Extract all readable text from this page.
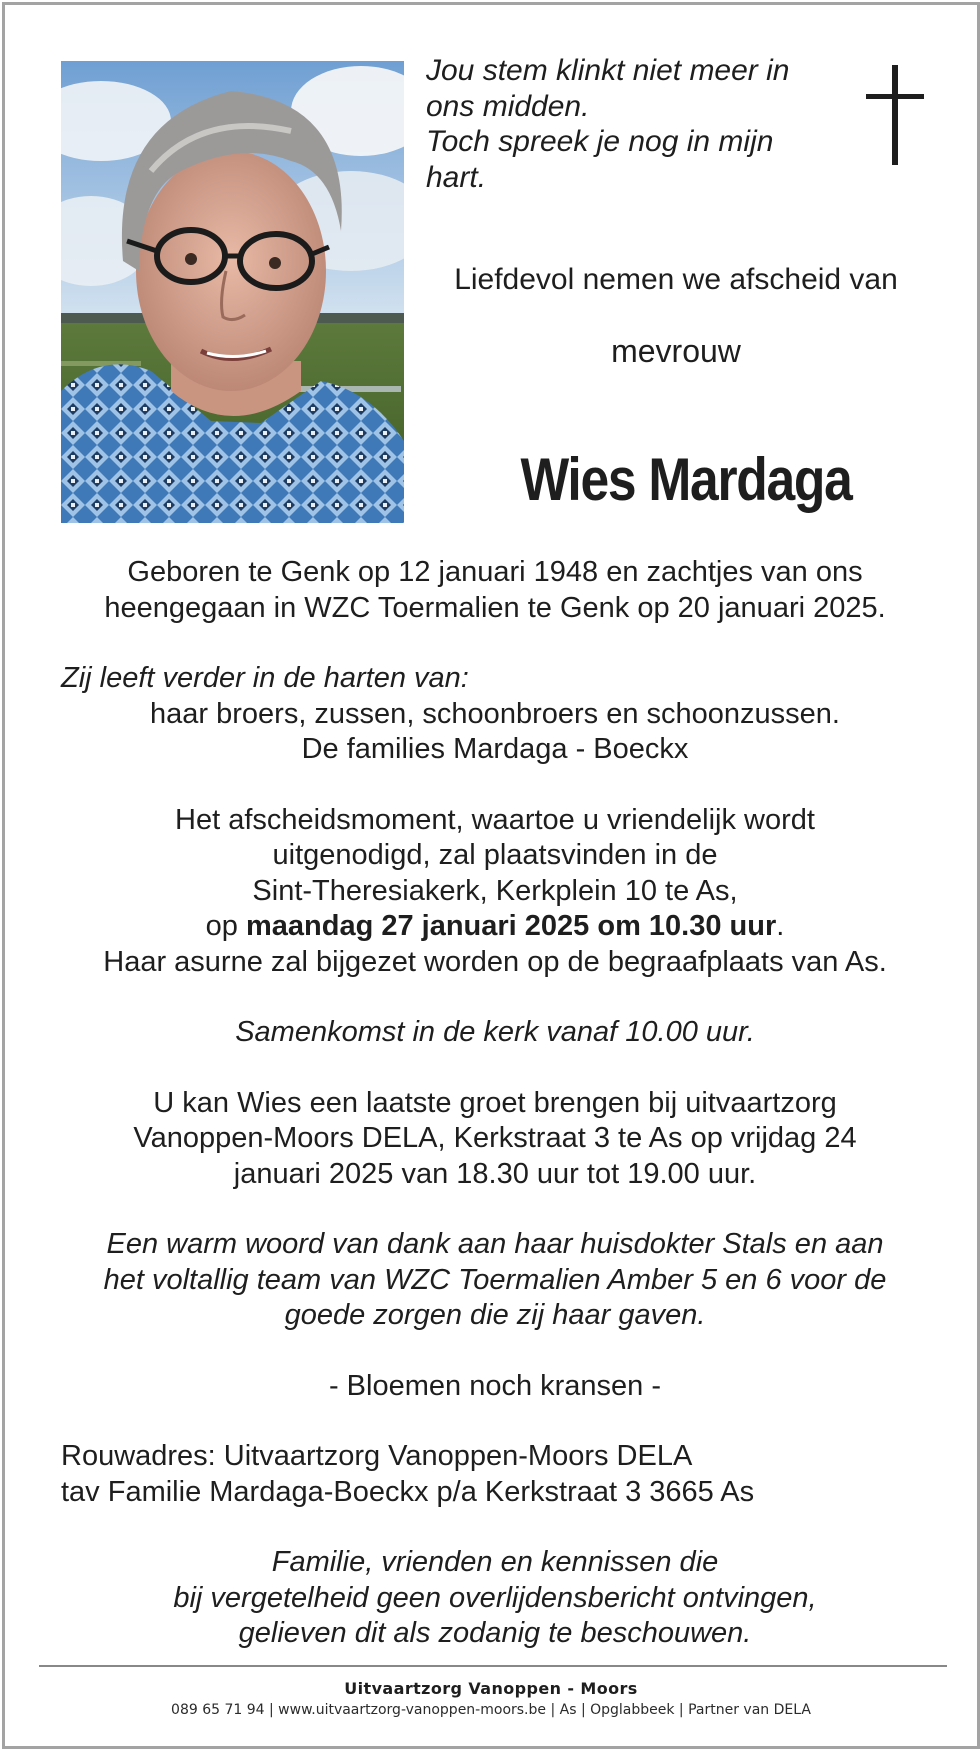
Jou stem klinkt niet meer in
ons midden.
Toch spreek je nog in mijn
hart.
Liefdevol nemen we afscheid van
mevrouw
Wies Mardaga
Geboren te Genk op 12 januari 1948 en zachtjes van ons
heengegaan in WZC Toermalien te Genk op 20 januari 2025.
Zij leeft verder in de harten van:
haar broers, zussen, schoonbroers en schoonzussen.
De families Mardaga - Boeckx
Het afscheidsmoment, waartoe u vriendelijk wordt
uitgenodigd, zal plaatsvinden in de
Sint-Theresiakerk, Kerkplein 10 te As,
op maandag 27 januari 2025 om 10.30 uur.
Haar asurne zal bijgezet worden op de begraafplaats van As.
Samenkomst in de kerk vanaf 10.00 uur.
U kan Wies een laatste groet brengen bij uitvaartzorg
Vanoppen-Moors DELA, Kerkstraat 3 te As op vrijdag 24
januari 2025 van 18.30 uur tot 19.00 uur.
Een warm woord van dank aan haar huisdokter Stals en aan
het voltallig team van WZC Toermalien Amber 5 en 6 voor de
goede zorgen die zij haar gaven.
- Bloemen noch kransen -
Rouwadres: Uitvaartzorg Vanoppen-Moors DELA
tav Familie Mardaga-Boeckx p/a Kerkstraat 3 3665 As
Familie, vrienden en kennissen die
bij vergetelheid geen overlijdensbericht ontvingen,
gelieven dit als zodanig te beschouwen.
Uitvaartzorg Vanoppen - Moors
089 65 71 94 | www.uitvaartzorg-vanoppen-moors.be | As | Opglabbeek | Partner van DELA
